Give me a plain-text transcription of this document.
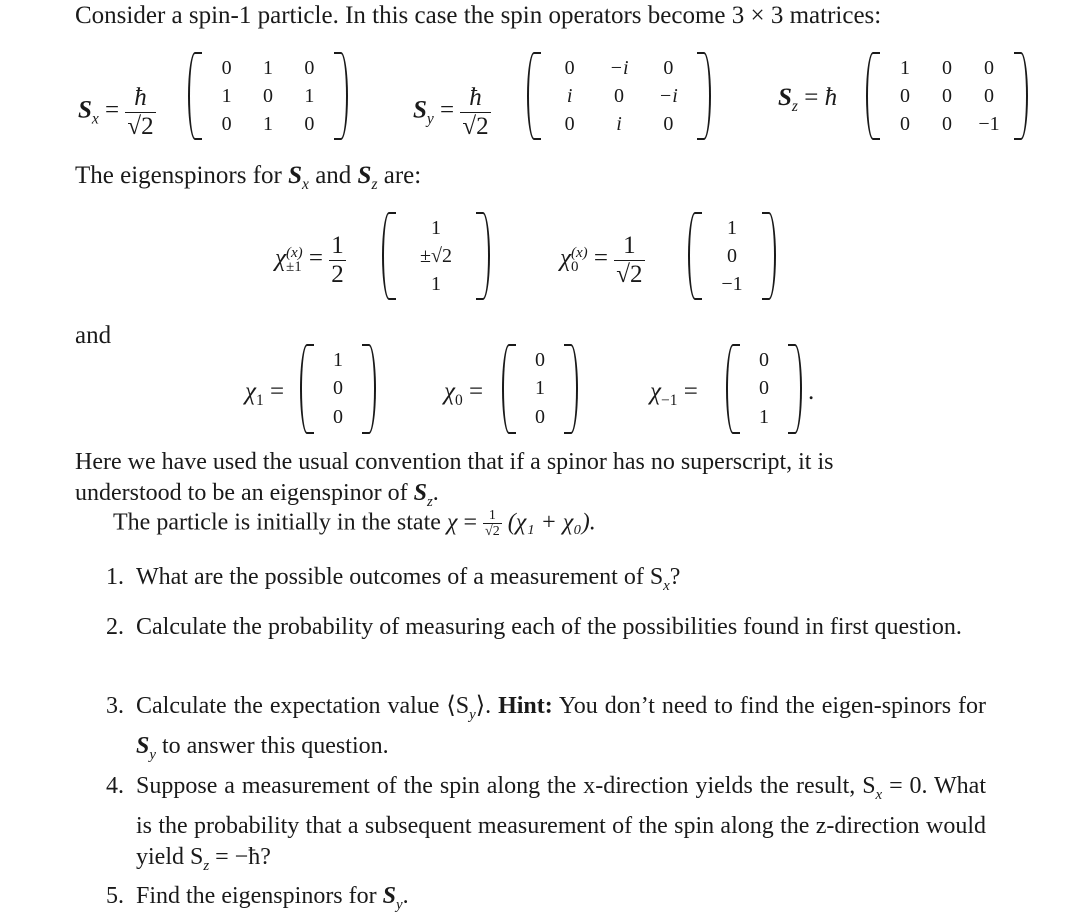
Consider a spin-1 particle. In this case the spin operators become 3 × 3 matrices:
$S_x = \frac{ħ}{√2}$
0 1 0
1 0 1
0 1 0	$S_y = \frac{ħ}{√2}$
0 −i 0
i 0 −i
0 i 0
$S_z$ = ħ
1 0 0
0 0 0
0 0 −1
The eigenspinors for $S_x$ and $S_z$ are:
χ (x)
$\pm 1 = \frac{1}{2}$
1
±√2
1
χ (x)
$0 = \frac{1}{√2}$
1
0
−1
and
$\chi_1$ =
1
0
0
$\chi_0$ =
0
1
0
$\chi_{-1}$ =
0
0
1
.
Here we have used the usual convention that if a spinor has no superscript, it is
understood to be an eigenspinor of $S_z$.
The particle is initially in the state $\chi = \frac{1}{√2} (\chi_1 + \chi_0)$.
1. What are the possible outcomes of a measurement of $S_x$?
2. Calculate the probability of measuring each of the possibilities found in first question.
3. Calculate the expectation value $⟨S_y⟩$. Hint: You don’t need to find the eigen-spinors for $S_y$ to answer this question.
4. Suppose a measurement of the spin along the x-direction yields the result, $S_x = 0$. What is the probability that a subsequent measurement of the spin along the z-direction would yield $S_z$ = −ħ?
5. Find the eigenspinors for $S_y$.
